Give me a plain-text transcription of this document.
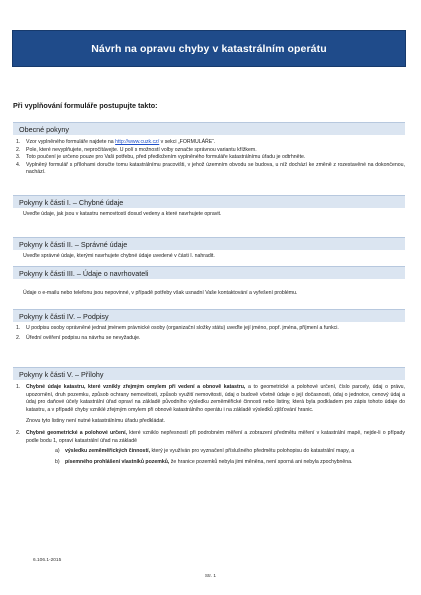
Návrh na opravu chyby v katastrálním operátu
Při vyplňování formuláře postupujte takto:
Obecné pokyny
1.	Vzor vyplněného formuláře najdete na http://www.cuzk.cz/ v sekci „FORMULÁŘE“.
2.	Pole, které nevyplňujete, nepročítávejte. U polí s možností volby označte správnou variantu křížkem.
3.	Toto poučení je určeno pouze pro Vaši potřebu, před předložením vyplněného formuláře katastrálnímu úřadu je odtrhněte.
4.	Vyplněný formulář s přílohami doručte tomu katastrálnímu pracovišti, v jehož územním obvodu se budova, u níž dochází ke změně z rozestavěné na dokončenou, nachází.
Pokyny k části I. – Chybné údaje
Uveďte údaje, jak jsou v katastru nemovitostí dosud vedeny a které navrhujete opravit.
Pokyny k části II. – Správné údaje
Uveďte správné údaje, kterými navrhujete chybné údaje uvedené v části I. nahradit.
Pokyny k části III. – Údaje o navrhovateli
Údaje o e-mailu nebo telefonu jsou nepovinné, v případě potřeby však usnadní Vaše kontaktování a vyřešení problému.
Pokyny k části IV. – Podpisy
1.	U podpisu osoby oprávněné jednat jménem právnické osoby (organizační složky státu) uveďte její jméno, popř. jména, příjmení a funkci.
2.	Úřední ověření podpisu na návrhu se nevyžaduje.
Pokyny k části V. – Přílohy
1.	Chybné údaje katastru, které vznikly zřejmým omylem při vedení a obnově katastru, a to geometrické a polohové určení, číslo parcely, údaj o právu, upozornění, druh pozemku, způsob ochrany nemovitosti, způsob využití nemovitosti, údaj o budově včetně údaje o její dočasnosti, údaj o jednotce, cenový údaj a údaj pro daňové účely katastrální úřad opraví na základě původního výsledku zeměměřické činnosti nebo listiny, která byla podkladem pro zápis tohoto údaje do katastru, a v případě chyby vzniklé zřejmým omylem při obnově katastrálního operátu i na základě výsledků zjišťování hranic.
Znovu tyto listiny není nutné katastrálnímu úřadu předkládat.
2.	Chybné geometrické a polohové určení, které vzniklo nepřesností při podrobném měření a zobrazení předmětu měření v katastrální mapě, nejde-li o případy podle bodu 1, opraví katastrální úřad na základě
a)	výsledku zeměměřických činností, který je využíván pro vyznačení příslušného předmětu polohopisu do katastrální mapy, a
b)	písemného prohlášení vlastníků pozemků, že hranice pozemků nebyla jimi měněna, není sporná ani nebyla zpochybněna.
6.106.1-2015
Str. 1
